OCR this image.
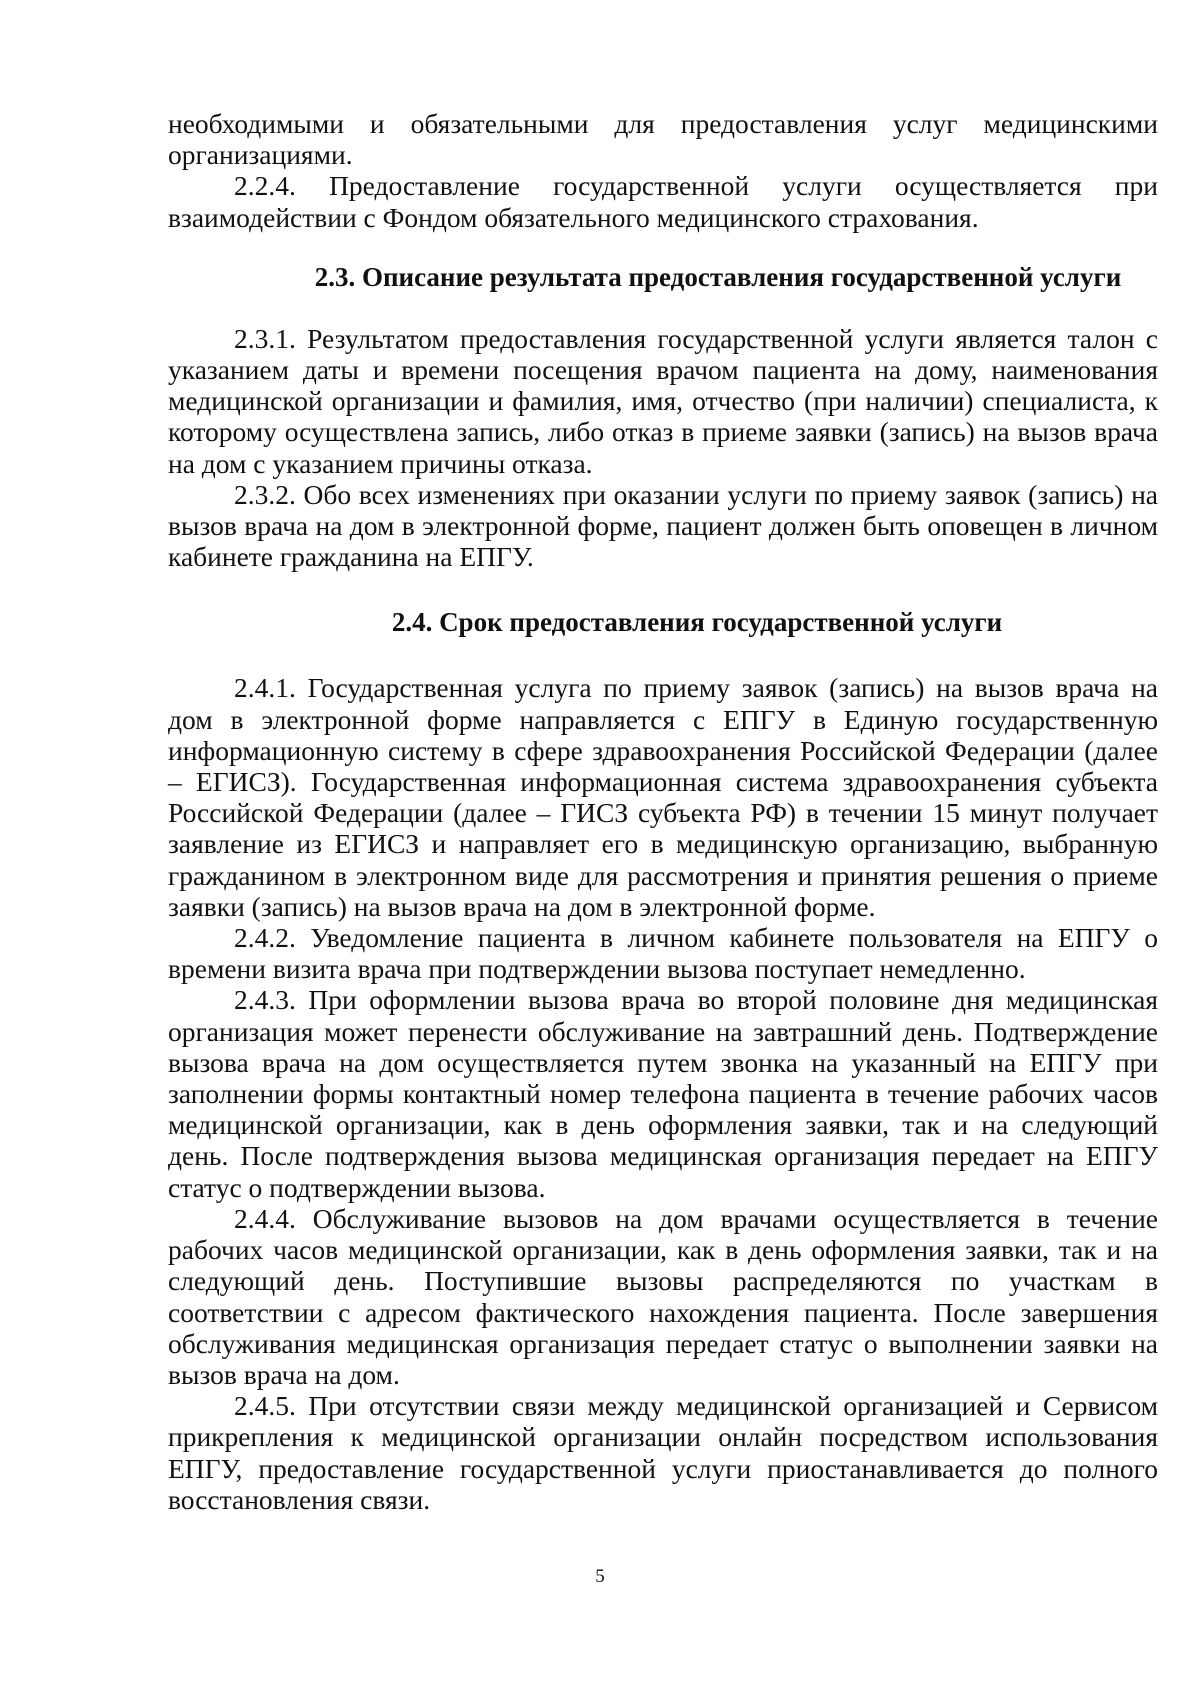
необходимыми и обязательными для предоставления услуг медицинскими организациями.

2.2.4. Предоставление государственной услуги осуществляется при взаимодействии с Фондом обязательного медицинского страхования.

2.3. Описание результата предоставления государственной услуги

2.3.1. Результатом предоставления государственной услуги является талон с указанием даты и времени посещения врачом пациента на дому, наименования медицинской организации и фамилия, имя, отчество (при наличии) специалиста, к которому осуществлена запись, либо отказ в приеме заявки (запись) на вызов врача на дом с указанием причины отказа.

2.3.2. Обо всех изменениях при оказании услуги по приему заявок (запись) на вызов врача на дом в электронной форме, пациент должен быть оповещен в личном кабинете гражданина на ЕПГУ.

2.4. Срок предоставления государственной услуги

2.4.1. Государственная услуга по приему заявок (запись) на вызов врача на дом в электронной форме направляется с ЕПГУ в Единую государственную информационную систему в сфере здравоохранения Российской Федерации (далее – ЕГИСЗ). Государственная информационная система здравоохранения субъекта Российской Федерации (далее – ГИСЗ субъекта РФ) в течении 15 минут получает заявление из ЕГИСЗ и направляет его в медицинскую организацию, выбранную гражданином в электронном виде для рассмотрения и принятия решения о приеме заявки (запись) на вызов врача на дом в электронной форме.

2.4.2. Уведомление пациента в личном кабинете пользователя на ЕПГУ о времени визита врача при подтверждении вызова поступает немедленно.

2.4.3. При оформлении вызова врача во второй половине дня медицинская организация может перенести обслуживание на завтрашний день. Подтверждение вызова врача на дом осуществляется путем звонка на указанный на ЕПГУ при заполнении формы контактный номер телефона пациента в течение рабочих часов медицинской организации, как в день оформления заявки, так и на следующий день. После подтверждения вызова медицинская организация передает на ЕПГУ статус о подтверждении вызова.

2.4.4. Обслуживание вызовов на дом врачами осуществляется в течение рабочих часов медицинской организации, как в день оформления заявки, так и на следующий день. Поступившие вызовы распределяются по участкам в соответствии с адресом фактического нахождения пациента. После завершения обслуживания медицинская организация передает статус о выполнении заявки на вызов врача на дом.

2.4.5. При отсутствии связи между медицинской организацией и Сервисом прикрепления к медицинской организации онлайн посредством использования ЕПГУ, предоставление государственной услуги приостанавливается до полного восстановления связи.

5
